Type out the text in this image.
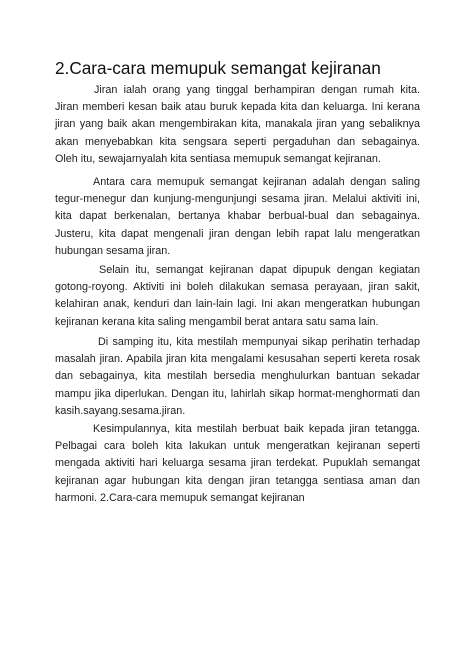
2.Cara-cara memupuk semangat kejiranan

Jiran ialah orang yang tinggal berhampiran dengan rumah kita. Jiran memberi kesan baik atau buruk kepada kita dan keluarga. Ini kerana jiran yang baik akan mengembirakan kita, manakala jiran yang sebaliknya akan menyebabkan kita sengsara seperti pergaduhan dan sebagainya. Oleh itu, sewajarnyalah kita sentiasa memupuk semangat kejiranan.

Antara cara memupuk semangat kejiranan adalah dengan saling tegur-menegur dan kunjung-mengunjungi sesama jiran. Melalui aktiviti ini, kita dapat berkenalan, bertanya khabar berbual-bual dan sebagainya. Justeru, kita dapat mengenali jiran dengan lebih rapat lalu mengeratkan hubungan sesama jiran.

Selain itu, semangat kejiranan dapat dipupuk dengan kegiatan gotong-royong. Aktiviti ini boleh dilakukan semasa perayaan, jiran sakit, kelahiran anak, kenduri dan lain-lain lagi. Ini akan mengeratkan hubungan kejiranan kerana kita saling mengambil berat antara satu sama lain.

Di samping itu, kita mestilah mempunyai sikap perihatin terhadap masalah jiran. Apabila jiran kita mengalami kesusahan seperti kereta rosak dan sebagainya, kita mestilah bersedia menghulurkan bantuan sekadar mampu jika diperlukan. Dengan itu, lahirlah sikap hormat-menghormati dan kasih.sayang.sesama.jiran.

Kesimpulannya, kita mestilah berbuat baik kepada jiran tetangga. Pelbagai cara boleh kita lakukan untuk mengeratkan kejiranan seperti mengada aktiviti hari keluarga sesama jiran terdekat. Pupuklah semangat kejiranan agar hubungan kita dengan jiran tetangga sentiasa aman dan harmoni. 2.Cara-cara memupuk semangat kejiranan
